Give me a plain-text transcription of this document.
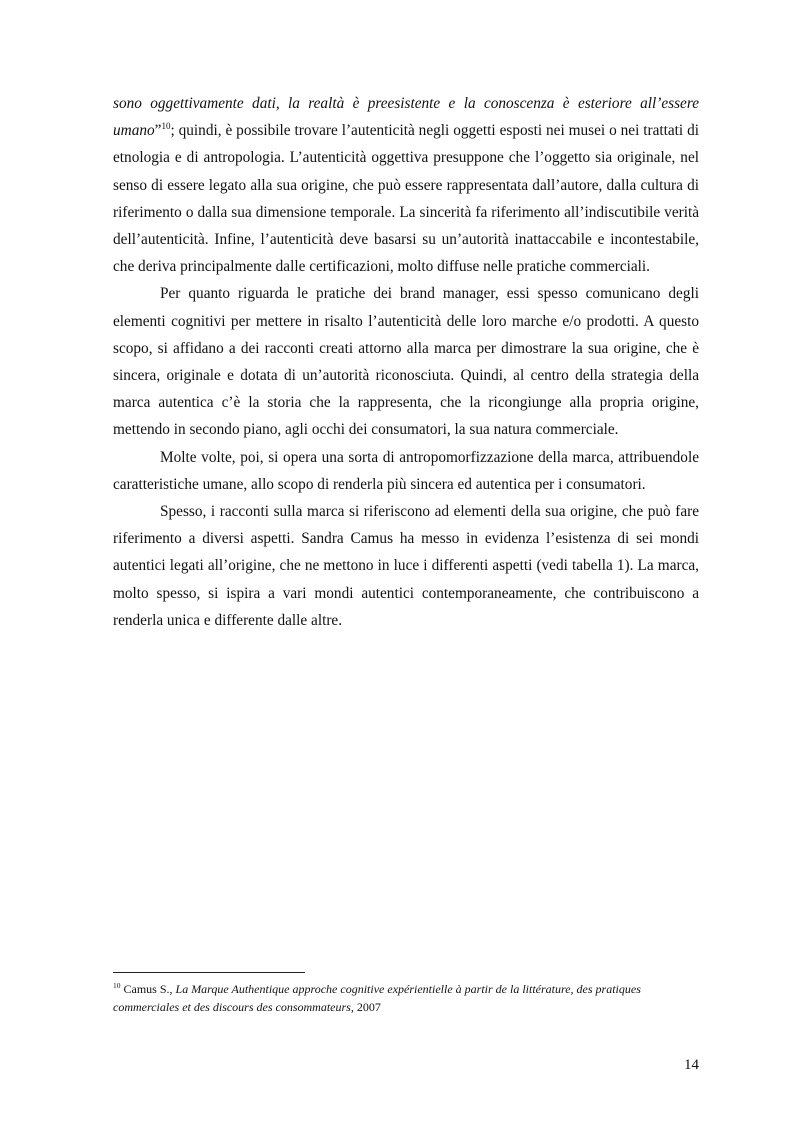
sono oggettivamente dati, la realtà è preesistente e la conoscenza è esteriore all’essere umano”$^{10}$; quindi, è possibile trovare l’autenticità negli oggetti esposti nei musei o nei trattati di etnologia e di antropologia. L’autenticità oggettiva presuppone che l’oggetto sia originale, nel senso di essere legato alla sua origine, che può essere rappresentata dall’autore, dalla cultura di riferimento o dalla sua dimensione temporale. La sincerità fa riferimento all’indiscutibile verità dell’autenticità. Infine, l’autenticità deve basarsi su un’autorità inattaccabile e incontestabile, che deriva principalmente dalle certificazioni, molto diffuse nelle pratiche commerciali.

Per quanto riguarda le pratiche dei brand manager, essi spesso comunicano degli elementi cognitivi per mettere in risalto l’autenticità delle loro marche e/o prodotti. A questo scopo, si affidano a dei racconti creati attorno alla marca per dimostrare la sua origine, che è sincera, originale e dotata di un’autorità riconosciuta. Quindi, al centro della strategia della marca autentica c’è la storia che la rappresenta, che la ricongiunge alla propria origine, mettendo in secondo piano, agli occhi dei consumatori, la sua natura commerciale.

Molte volte, poi, si opera una sorta di antropomorfizzazione della marca, attribuendole caratteristiche umane, allo scopo di renderla più sincera ed autentica per i consumatori.

Spesso, i racconti sulla marca si riferiscono ad elementi della sua origine, che può fare riferimento a diversi aspetti. Sandra Camus ha messo in evidenza l’esistenza di sei mondi autentici legati all’origine, che ne mettono in luce i differenti aspetti (vedi tabella 1). La marca, molto spesso, si ispira a vari mondi autentici contemporaneamente, che contribuiscono a renderla unica e differente dalle altre.

$^{10}$ Camus S., La Marque Authentique approche cognitive expérientielle à partir de la littérature, des pratiques commerciales et des discours des consommateurs, 2007
14
